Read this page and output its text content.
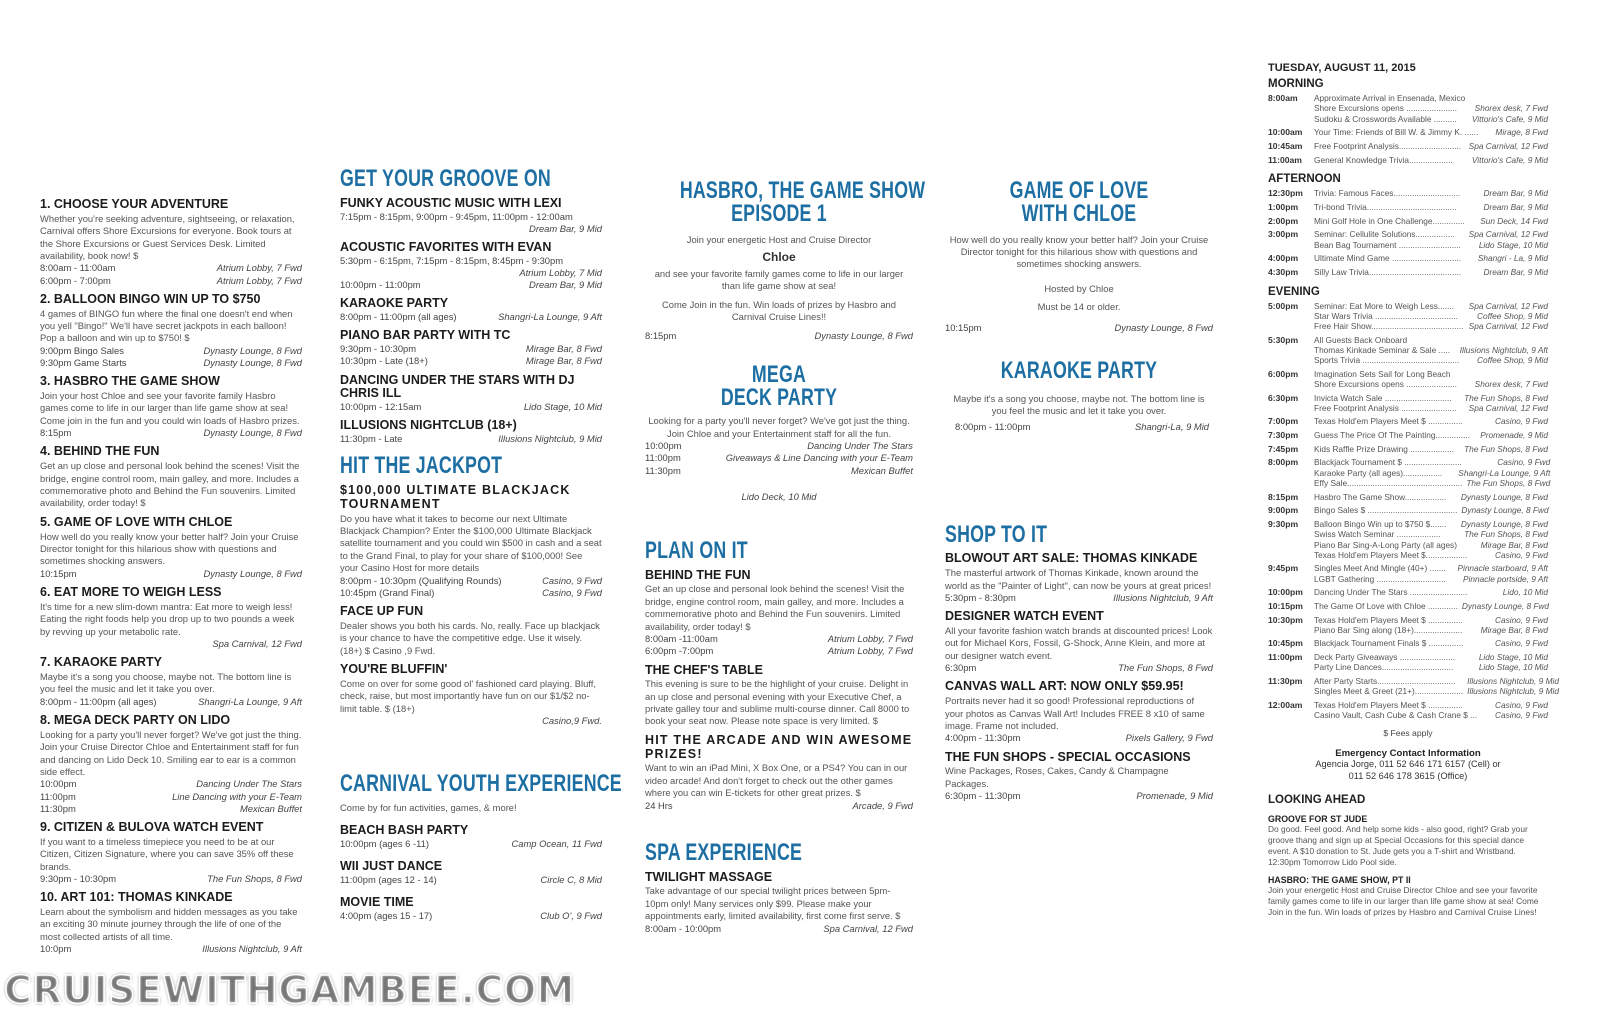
1. CHOOSE YOUR ADVENTURE
Whether you're seeking adventure, sightseeing, or relaxation, Carnival offers Shore Excursions for everyone. Book tours at the Shore Excursions or Guest Services Desk. Limited availability, book now! $
8:00am - 11:00am	Atrium Lobby, 7 Fwd
6:00pm - 7:00pm	Atrium Lobby, 7 Fwd
2. BALLOON BINGO WIN UP TO $750
4 games of BINGO fun where the final one doesn't end when you yell "Bingo!" We'll have secret jackpots in each balloon! Pop a balloon and win up to $750! $
9:00pm Bingo Sales	Dynasty Lounge, 8 Fwd
9:30pm Game Starts	Dynasty Lounge, 8 Fwd
3. HASBRO THE GAME SHOW
Join your host Chloe and see your favorite family Hasbro games come to life in our larger than life game show at sea! Come join in the fun and you could win loads of Hasbro prizes.
8:15pm	Dynasty Lounge, 8 Fwd
4. BEHIND THE FUN
Get an up close and personal look behind the scenes! Visit the bridge, engine control room, main galley, and more. Includes a commemorative photo and Behind the Fun souvenirs. Limited availability, order today! $
5. GAME OF LOVE WITH CHLOE
How well do you really know your better half? Join your Cruise Director tonight for this hilarious show with questions and sometimes shocking answers.
10:15pm	Dynasty Lounge, 8 Fwd
6. EAT MORE TO WEIGH LESS
It's time for a new slim-down mantra: Eat more to weigh less! Eating the right foods help you drop up to two pounds a week by revving up your metabolic rate.
Spa Carnival, 12 Fwd
7. KARAOKE PARTY
Maybe it's a song you choose, maybe not. The bottom line is you feel the music and let it take you over.
8:00pm - 11:00pm (all ages)	Shangri-La Lounge, 9 Aft
8. MEGA DECK PARTY ON LIDO
Looking for a party you'll never forget? We've got just the thing. Join your Cruise Director Chloe and Entertainment staff for fun and dancing on Lido Deck 10. Smiling ear to ear is a common side effect.
10:00pm	Dancing Under The Stars
11:00pm	Line Dancing with your E-Team
11:30pm	Mexican Buffet
9. CITIZEN & BULOVA WATCH EVENT
If you want to a timeless timepiece you need to be at our Citizen, Citizen Signature, where you can save 35% off these brands.
9:30pm - 10:30pm	The Fun Shops, 8 Fwd
10. ART 101: THOMAS KINKADE
Learn about the symbolism and hidden messages as you take an exciting 30 minute journey through the life of one of the most collected artists of all time.
10:0pm	Illusions Nightclub, 9 Aft
GET YOUR GROOVE ON
FUNKY ACOUSTIC MUSIC WITH LEXI
7:15pm - 8:15pm, 9:00pm - 9:45pm, 11:00pm - 12:00am
Dream Bar, 9 Mid
ACOUSTIC FAVORITES WITH EVAN
5:30pm - 6:15pm, 7:15pm - 8:15pm, 8:45pm - 9:30pm
Atrium Lobby, 7 Mid
10:00pm - 11:00pm	Dream Bar, 9 Mid
KARAOKE PARTY
8:00pm - 11:00pm (all ages)	Shangri-La Lounge, 9 Aft
PIANO BAR PARTY WITH TC
9:30pm - 10:30pm	Mirage Bar, 8 Fwd
10:30pm - Late (18+)	Mirage Bar, 8 Fwd
DANCING UNDER THE STARS WITH DJ CHRIS ILL
10:00pm - 12:15am	Lido Stage, 10 Mid
ILLUSIONS NIGHTCLUB (18+)
11:30pm - Late	Illusions Nightclub, 9 Mid
HIT THE JACKPOT
$100,000 ULTIMATE BLACKJACK TOURNAMENT
Do you have what it takes to become our next Ultimate Blackjack Champion? Enter the $100,000 Ultimate Blackjack satellite tournament and you could win $500 in cash and a seat to the Grand Final, to play for your share of $100,000! See your Casino Host for more details
8:00pm - 10:30pm (Qualifying Rounds)	Casino, 9 Fwd
10:45pm (Grand Final)	Casino, 9 Fwd
FACE UP FUN
Dealer shows you both his cards. No, really. Face up blackjack is your chance to have the competitive edge. Use it wisely. (18+) $ Casino ,9 Fwd.
YOU'RE BLUFFIN'
Come on over for some good ol' fashioned card playing. Bluff, check, raise, but most importantly have fun on our $1/$2 no-limit table. $ (18+)
Casino,9 Fwd.
CARNIVAL YOUTH EXPERIENCE
Come by for fun activities, games, & more!
BEACH BASH PARTY
10:00pm (ages 6 -11)	Camp Ocean, 11 Fwd
WII JUST DANCE
11:00pm (ages 12 - 14)	Circle C, 8 Mid
MOVIE TIME
4:00pm (ages 15 - 17)	Club O', 9 Fwd
HASBRO, THE GAME SHOW
EPISODE 1
Join your energetic Host and Cruise Director
Chloe
and see your favorite family games come to life in our larger than life game show at sea!
Come Join in the fun. Win loads of prizes by Hasbro and Carnival Cruise Lines!!
8:15pm	Dynasty Lounge, 8 Fwd
MEGA
DECK PARTY
Looking for a party you'll never forget? We've got just the thing. Join Chloe and your Entertainment staff for all the fun.
10:00pm	Dancing Under The Stars
11:00pm	Giveaways & Line Dancing with your E-Team
11:30pm	Mexican Buffet
Lido Deck, 10 Mid
PLAN ON IT
BEHIND THE FUN
Get an up close and personal look behind the scenes! Visit the bridge, engine control room, main galley, and more. Includes a commemorative photo and Behind the Fun souvenirs. Limited availability, order today! $
8:00am -11:00am	Atrium Lobby, 7 Fwd
6:00pm -7:00pm	Atrium Lobby, 7 Fwd
THE CHEF'S TABLE
This evening is sure to be the highlight of your cruise. Delight in an up close and personal evening with your Executive Chef, a private galley tour and sublime multi-course dinner. Call 8000 to book your seat now. Please note space is very limited. $
HIT THE ARCADE AND WIN AWESOME PRIZES!
Want to win an iPad Mini, X Box One, or a PS4? You can in our video arcade! And don't forget to check out the other games where you can win E-tickets for other great prizes. $
24 Hrs	Arcade, 9 Fwd
SPA EXPERIENCE
TWILIGHT MASSAGE
Take advantage of our special twilight prices between 5pm-10pm only! Many services only $99. Please make your appointments early, limited availability, first come first serve. $
8:00am - 10:00pm	Spa Carnival, 12 Fwd
GAME OF LOVE
WITH CHLOE
How well do you really know your better half? Join your Cruise Director tonight for this hilarious show with questions and sometimes shocking answers.
Hosted by Chloe
Must be 14 or older.
10:15pm	Dynasty Lounge, 8 Fwd
KARAOKE PARTY
Maybe it's a song you choose, maybe not. The bottom line is you feel the music and let it take you over.
8:00pm - 11:00pm	Shangri-La, 9 Mid
SHOP TO IT
BLOWOUT ART SALE: THOMAS KINKADE
The masterful artwork of Thomas Kinkade, known around the world as the "Painter of Light", can now be yours at great prices!
5:30pm - 8:30pm	Illusions Nightclub, 9 Aft
DESIGNER WATCH EVENT
All your favorite fashion watch brands at discounted prices! Look out for Michael Kors, Fossil, G-Shock, Anne Klein, and more at our designer watch event.
6:30pm	The Fun Shops, 8 Fwd
CANVAS WALL ART: NOW ONLY $59.95!
Portraits never had it so good! Professional reproductions of your photos as Canvas Wall Art! Includes FREE 8 x10 of same image. Frame not included.
4:00pm - 11:30pm	Pixels Gallery, 9 Fwd
THE FUN SHOPS - SPECIAL OCCASIONS
Wine Packages, Roses, Cakes, Candy & Champagne Packages.
6:30pm - 11:30pm	Promenade, 9 Mid
TUESDAY, AUGUST 11, 2015
MORNING
8:00am	Approximate Arrival in Ensenada, Mexico
Shore Excursions opens ......................	Shorex desk, 7 Fwd
Sudoku & Crosswords Available ..........	Vittorio's Cafe, 9 Mid
10:00am	Your Time: Friends of Bill W. & Jimmy K. ......	Mirage, 8 Fwd
10:45am	Free Footprint Analysis........................... Spa Carnival, 12 Fwd
11:00am	General Knowledge Trivia...................	Vittorio's Cafe, 9 Mid
AFTERNOON
12:30pm	Trivia: Famous Faces.............................	Dream Bar, 9 Mid
1:00pm	Tri-bond Trivia.......................................	Dream Bar, 9 Mid
2:00pm	Mini Golf Hole in One Challenge..............	Sun Deck, 14 Fwd
3:00pm	Seminar: Cellulite Solutions.................	Spa Carnival, 12 Fwd
Bean Bag Tournament ...........................	Lido Stage, 10 Mid
4:00pm	Ultimate Mind Game ..............................	Shangri - La, 9 Mid
4:30pm	Silly Law Trivia........................................	Dream Bar, 9 Mid
EVENING
5:00pm	Seminar: Eat More to Weigh Less.......	Spa Carnival, 12 Fwd
Star Wars Trivia ....................................	Coffee Shop, 9 Mid
Free Hair Show........................................ Spa Carnival, 12 Fwd
5:30pm	All Guests Back Onboard
Thomas Kinkade Seminar & Sale .....	Illusions Nightclub, 9 Aft
Sports Trivia ..........................................	Coffee Shop, 9 Mid
6:00pm	Imagination Sets Sail for Long Beach
Shore Excursions opens ......................	Shorex desk, 7 Fwd
6:30pm	Invicta Watch Sale .............................	The Fun Shops, 8 Fwd
Free Footprint Analysis ........................	Spa Carnival, 12 Fwd
7:00pm	Texas Hold'em Players Meet $ ...............	Casino, 9 Fwd
7:30pm	Guess The Price Of The Painting...............	Promenade, 9 Mid
7:45pm	Kids Raffle Prize Drawing ...................	The Fun Shops, 8 Fwd
8:00pm	Blackjack Tournament $ .........................	Casino, 9 Fwd
Karaoke Party (all ages).................	Shangri-La Lounge, 9 Aft
Effy Sale.................................................. The Fun Shops, 8 Fwd
8:15pm	Hasbro The Game Show..................	Dynasty Lounge, 8 Fwd
9:00pm	Bingo Sales $ ....................................... Dynasty Lounge, 8 Fwd
9:30pm	Balloon Bingo Win up to $750 $.......	Dynasty Lounge, 8 Fwd
Swiss Watch Seminar ...................	The Fun Shops, 8 Fwd
Piano Bar Sing-A-Long Party (all ages)	Mirage Bar, 8 Fwd
Texas Hold'em Players Meet $..................	Casino, 9 Fwd
9:45pm	Singles Meet And Mingle (40+) .......	Pinnacle starboard, 9 Aft
LGBT Gathering ..............................	Pinnacle portside, 9 Aft
10:00pm	Dancing Under The Stars .........................	Lido, 10 Mid
10:15pm	The Game Of Love with Chloe ............. Dynasty Lounge, 8 Fwd
10:30pm	Texas Hold'em Players Meet $ ...............	Casino, 9 Fwd
Piano Bar Sing along (18+).....................	Mirage Bar, 8 Fwd
10:45pm	Blackjack Tournament Finals $ ...............	Casino, 9 Fwd
11:00pm	Deck Party Giveaways ........................	Lido Stage, 10 Mid
Party Line Dances...............................	Lido Stage, 10 Mid
11:30pm	After Party Starts..................................	Illusions Nightclub, 9 Mid
Singles Meet & Greet (21+)..................... Illusions Nightclub, 9 Mid
12:00am	Texas Hold'em Players Meet $ ...............	Casino, 9 Fwd
Casino Vault, Cash Cube & Cash Crane $ ...	Casino, 9 Fwd
$ Fees apply
Emergency Contact Information
Agencia Jorge, 011 52 646 171 6157 (Cell) or
011 52 646 178 3615 (Office)
LOOKING AHEAD
GROOVE FOR ST JUDE
Do good. Feel good. And help some kids - also good, right? Grab your groove thang and sign up at Special Occasions for this special dance event. A $10 donation to St. Jude gets you a T-shirt and Wristband. 12:30pm Tomorrow Lido Pool side.
HASBRO: THE GAME SHOW, PT II
Join your energetic Host and Cruise Director Chloe and see your favorite family games come to life in our larger than life game show at sea! Come Join in the fun. Win loads of prizes by Hasbro and Carnival Cruise Lines!
CRUISEWITHGAMBEE.COM
